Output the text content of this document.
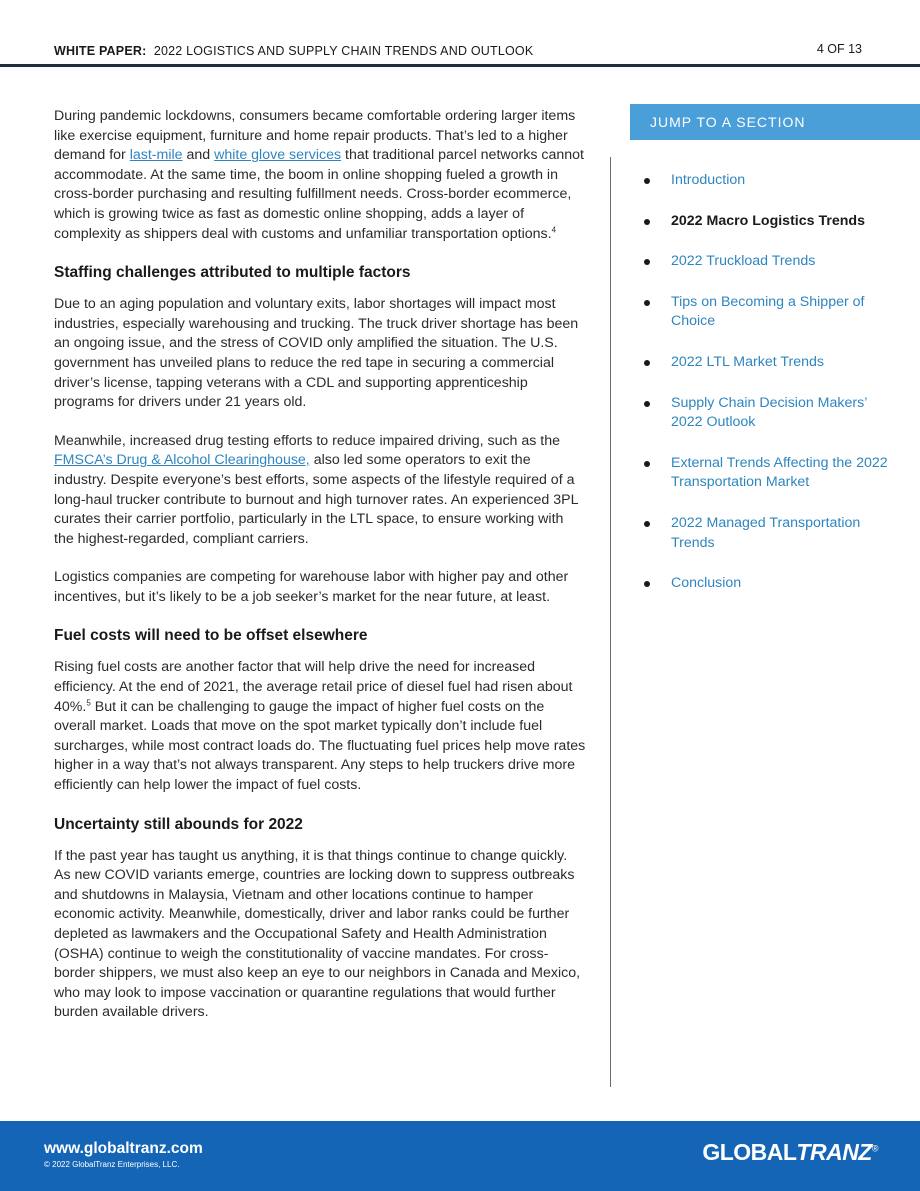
WHITE PAPER: 2022 LOGISTICS AND SUPPLY CHAIN TRENDS AND OUTLOOK	4 OF 13

During pandemic lockdowns, consumers became comfortable ordering larger items like exercise equipment, furniture and home repair products. That’s led to a higher demand for last-mile and white glove services that traditional parcel networks cannot accommodate. At the same time, the boom in online shopping fueled a growth in cross-border purchasing and resulting fulfillment needs. Cross-border ecommerce, which is growing twice as fast as domestic online shopping, adds a layer of complexity as shippers deal with customs and unfamiliar transportation options.$^4$

Staffing challenges attributed to multiple factors

Due to an aging population and voluntary exits, labor shortages will impact most industries, especially warehousing and trucking. The truck driver shortage has been an ongoing issue, and the stress of COVID only amplified the situation. The U.S. government has unveiled plans to reduce the red tape in securing a commercial driver’s license, tapping veterans with a CDL and supporting apprenticeship programs for drivers under 21 years old.

Meanwhile, increased drug testing efforts to reduce impaired driving, such as the FMSCA’s Drug & Alcohol Clearinghouse, also led some operators to exit the industry. Despite everyone’s best efforts, some aspects of the lifestyle required of a long-haul trucker contribute to burnout and high turnover rates. An experienced 3PL curates their carrier portfolio, particularly in the LTL space, to ensure working with the highest-regarded, compliant carriers.

Logistics companies are competing for warehouse labor with higher pay and other incentives, but it’s likely to be a job seeker’s market for the near future, at least.

Fuel costs will need to be offset elsewhere

Rising fuel costs are another factor that will help drive the need for increased efficiency. At the end of 2021, the average retail price of diesel fuel had risen about 40%.$^5$ But it can be challenging to gauge the impact of higher fuel costs on the overall market. Loads that move on the spot market typically don’t include fuel surcharges, while most contract loads do. The fluctuating fuel prices help move rates higher in a way that’s not always transparent. Any steps to help truckers drive more efficiently can help lower the impact of fuel costs.

Uncertainty still abounds for 2022

If the past year has taught us anything, it is that things continue to change quickly. As new COVID variants emerge, countries are locking down to suppress outbreaks and shutdowns in Malaysia, Vietnam and other locations continue to hamper economic activity. Meanwhile, domestically, driver and labor ranks could be further depleted as lawmakers and the Occupational Safety and Health Administration (OSHA) continue to weigh the constitutionality of vaccine mandates. For cross-border shippers, we must also keep an eye to our neighbors in Canada and Mexico, who may look to impose vaccination or quarantine regulations that would further burden available drivers.

JUMP TO A SECTION
Introduction
2022 Macro Logistics Trends
2022 Truckload Trends
Tips on Becoming a Shipper of Choice
2022 LTL Market Trends
Supply Chain Decision Makers’ 2022 Outlook
External Trends Affecting the 2022 Transportation Market
2022 Managed Transportation Trends
Conclusion
www.globaltranz.com
© 2022 GlobalTranz Enterprises, LLC.	GLOBALTRANZ®
